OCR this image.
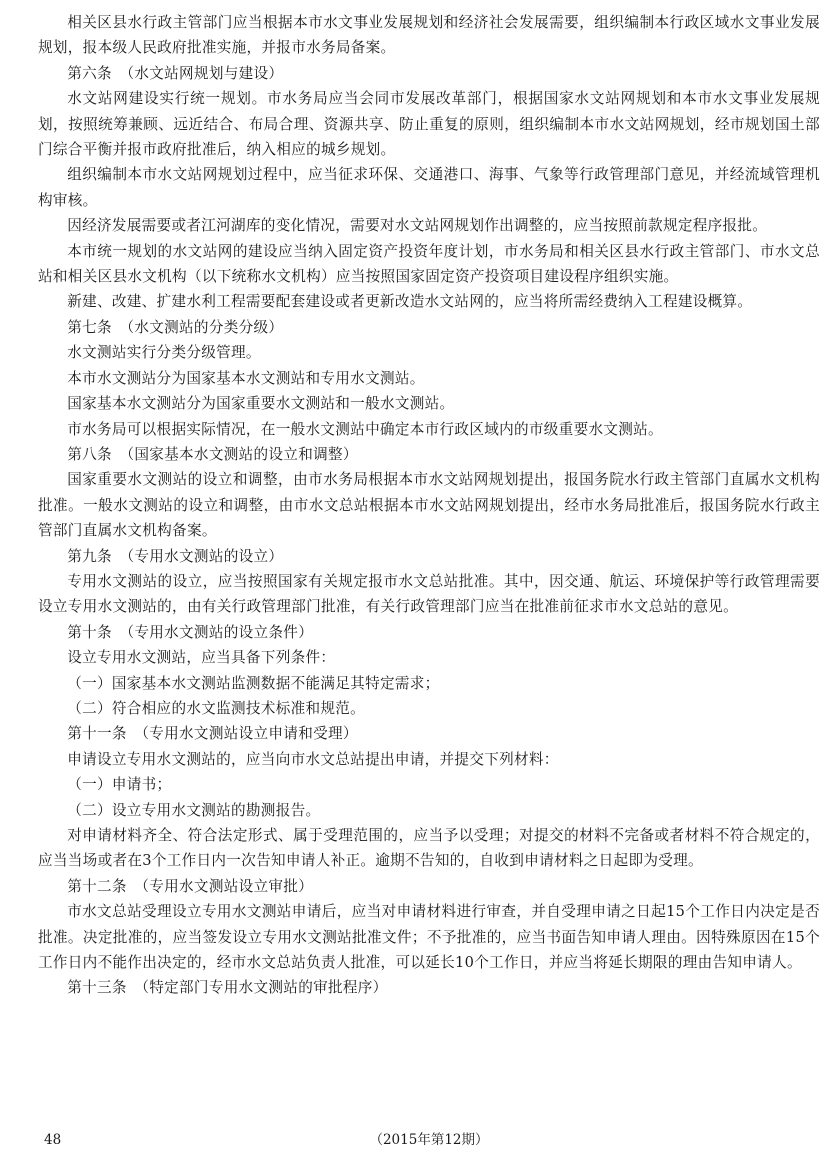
相关区县水行政主管部门应当根据本市水文事业发展规划和经济社会发展需要，组织编制本行政区域水文事业发展规划，报本级人民政府批准实施，并报市水务局备案。

第六条　（水文站网规划与建设）

水文站网建设实行统一规划。市水务局应当会同市发展改革部门，根据国家水文站网规划和本市水文事业发展规划，按照统筹兼顾、远近结合、布局合理、资源共享、防止重复的原则，组织编制本市水文站网规划，经市规划国土部门综合平衡并报市政府批准后，纳入相应的城乡规划。

组织编制本市水文站网规划过程中，应当征求环保、交通港口、海事、气象等行政管理部门意见，并经流域管理机构审核。

因经济发展需要或者江河湖库的变化情况，需要对水文站网规划作出调整的，应当按照前款规定程序报批。

本市统一规划的水文站网的建设应当纳入固定资产投资年度计划，市水务局和相关区县水行政主管部门、市水文总站和相关区县水文机构（以下统称水文机构）应当按照国家固定资产投资项目建设程序组织实施。

新建、改建、扩建水利工程需要配套建设或者更新改造水文站网的，应当将所需经费纳入工程建设概算。

第七条　（水文测站的分类分级）

水文测站实行分类分级管理。

本市水文测站分为国家基本水文测站和专用水文测站。

国家基本水文测站分为国家重要水文测站和一般水文测站。

市水务局可以根据实际情况，在一般水文测站中确定本市行政区域内的市级重要水文测站。

第八条　（国家基本水文测站的设立和调整）

国家重要水文测站的设立和调整，由市水务局根据本市水文站网规划提出，报国务院水行政主管部门直属水文机构批准。一般水文测站的设立和调整，由市水文总站根据本市水文站网规划提出，经市水务局批准后，报国务院水行政主管部门直属水文机构备案。

第九条　（专用水文测站的设立）

专用水文测站的设立，应当按照国家有关规定报市水文总站批准。其中，因交通、航运、环境保护等行政管理需要设立专用水文测站的，由有关行政管理部门批准，有关行政管理部门应当在批准前征求市水文总站的意见。

第十条　（专用水文测站的设立条件）

设立专用水文测站，应当具备下列条件：

（一）国家基本水文测站监测数据不能满足其特定需求；

（二）符合相应的水文监测技术标准和规范。

第十一条　（专用水文测站设立申请和受理）

申请设立专用水文测站的，应当向市水文总站提出申请，并提交下列材料：

（一）申请书；

（二）设立专用水文测站的勘测报告。

对申请材料齐全、符合法定形式、属于受理范围的，应当予以受理；对提交的材料不完备或者材料不符合规定的，应当当场或者在3个工作日内一次告知申请人补正。逾期不告知的，自收到申请材料之日起即为受理。

第十二条　（专用水文测站设立审批）

市水文总站受理设立专用水文测站申请后，应当对申请材料进行审查，并自受理申请之日起15个工作日内决定是否批准。决定批准的，应当签发设立专用水文测站批准文件；不予批准的，应当书面告知申请人理由。因特殊原因在15个工作日内不能作出决定的，经市水文总站负责人批准，可以延长10个工作日，并应当将延长期限的理由告知申请人。

第十三条　（特定部门专用水文测站的审批程序）

48	（2015年第12期）
